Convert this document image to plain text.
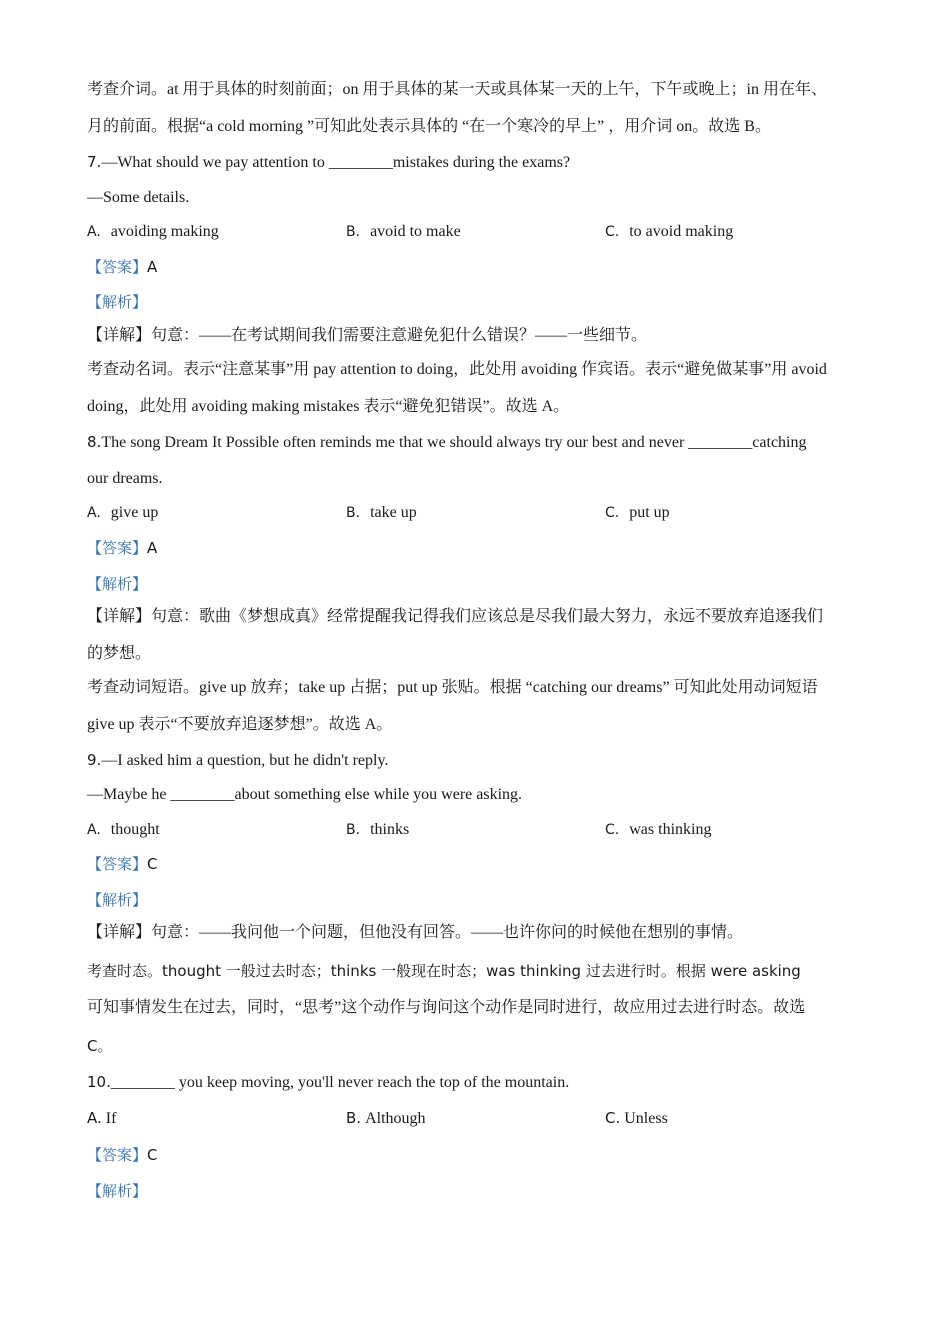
考查介词。at 用于具体的时刻前面；on 用于具体的某一天或具体某一天的上午，下午或晚上；in 用在年、
月的前面。根据“a cold morning ”可知此处表示具体的 “在一个寒冷的早上” ，用介词 on。故选 B。
7.—What should we pay attention to ________mistakes during the exams?
—Some details.
A. avoiding making	B. avoid to make	C. to avoid making
【答案】A
【解析】
【详解】句意：——在考试期间我们需要注意避免犯什么错误？——一些细节。
考查动名词。表示“注意某事”用 pay attention to doing，此处用 avoiding 作宾语。表示“避免做某事”用 avoid
doing，此处用 avoiding making mistakes 表示“避免犯错误”。故选 A。
8.The song Dream It Possible often reminds me that we should always try our best and never ________catching
our dreams.
A. give up	B. take up	C. put up
【答案】A
【解析】
【详解】句意：歌曲《梦想成真》经常提醒我记得我们应该总是尽我们最大努力，永远不要放弃追逐我们
的梦想。
考查动词短语。give up 放弃；take up 占据；put up 张贴。根据 “catching our dreams” 可知此处用动词短语
give up 表示“不要放弃追逐梦想”。故选 A。
9.—I asked him a question, but he didn't reply.
—Maybe he ________about something else while you were asking.
A. thought	B. thinks	C. was thinking
【答案】C
【解析】
【详解】句意：——我问他一个问题，但他没有回答。——也许你问的时候他在想别的事情。
考查时态。thought 一般过去时态；thinks 一般现在时态；was thinking 过去进行时。根据 were asking
可知事情发生在过去，同时，“思考”这个动作与询问这个动作是同时进行，故应用过去进行时态。故选
C。
10.________ you keep moving, you'll never reach the top of the mountain.
A. If	B. Although	C. Unless
【答案】C
【解析】
